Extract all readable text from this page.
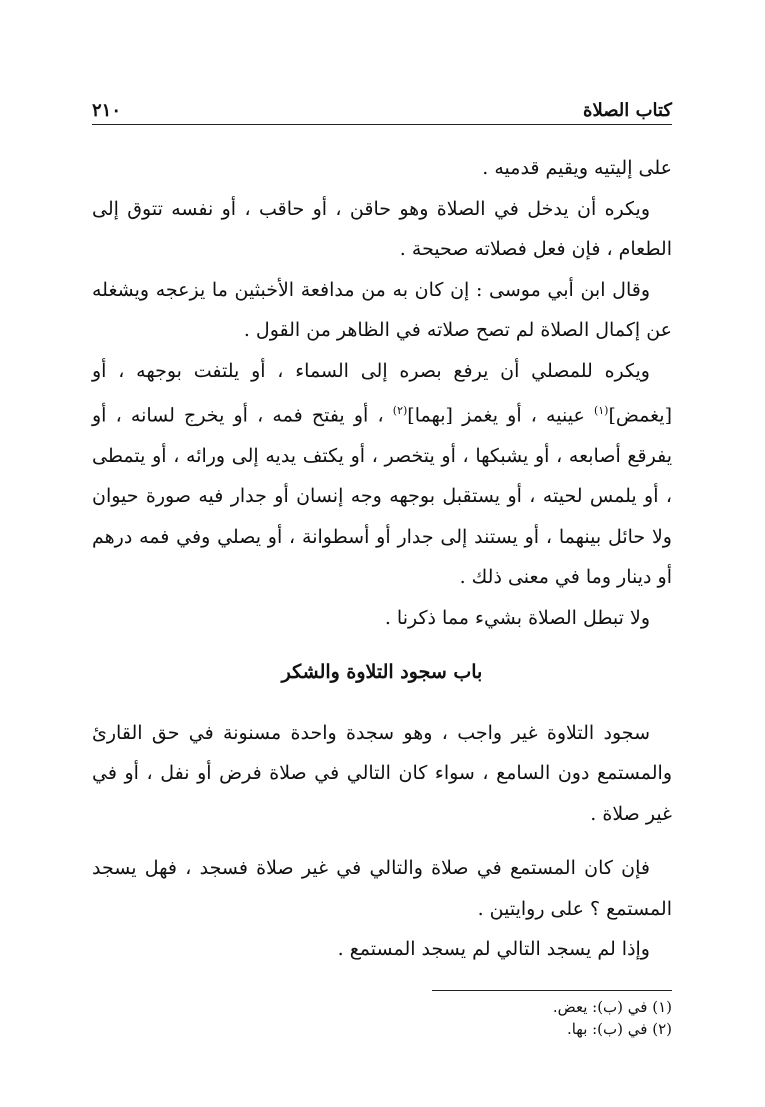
كتاب الصلاة
٢١٠

على إليتيه ويقيم قدميه .

ويكره أن يدخل في الصلاة وهو حاقن ، أو حاقب ، أو نفسه تتوق إلى الطعام ، فإن فعل فصلاته صحيحة .

وقال ابن أبي موسى : إن كان به من مدافعة الأخبثين ما يزعجه ويشغله عن إكمال الصلاة لم تصح صلاته في الظاهر من القول .

ويكره للمصلي أن يرفع بصره إلى السماء ، أو يلتفت بوجهه ، أو [يغمض]$^{(١)}$ عينيه ، أو يغمز [بهما]$^{(٢)}$ ، أو يفتح فمه ، أو يخرج لسانه ، أو يفرقع أصابعه ، أو يشبكها ، أو يتخصر ، أو يكتف يديه إلى ورائه ، أو يتمطى ، أو يلمس لحيته ، أو يستقبل بوجهه وجه إنسان أو جدار فيه صورة حيوان ولا حائل بينهما ، أو يستند إلى جدار أو أسطوانة ، أو يصلي وفي فمه درهم أو دينار وما في معنى ذلك .

ولا تبطل الصلاة بشيء مما ذكرنا .

باب سجود التلاوة والشكر

سجود التلاوة غير واجب ، وهو سجدة واحدة مسنونة في حق القارئ والمستمع دون السامع ، سواء كان التالي في صلاة فرض أو نفل ، أو في غير صلاة .

فإن كان المستمع في صلاة والتالي في غير صلاة فسجد ، فهل يسجد المستمع ؟ على روايتين .

وإذا لم يسجد التالي لم يسجد المستمع .

(١) في (ب): يعض.

(٢) في (ب): بها.
